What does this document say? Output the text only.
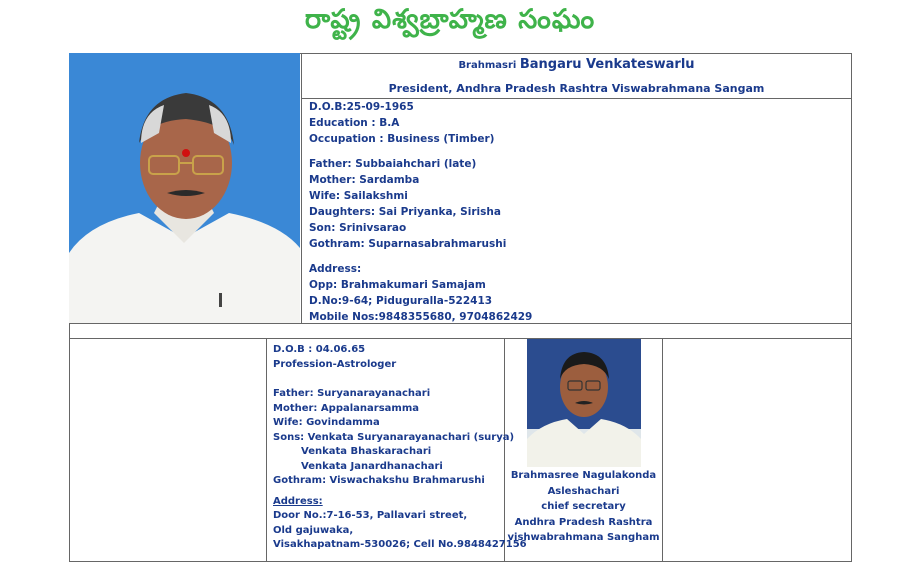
రాష్ట్ర విశ్వబ్రాహ్మణ సంఘం
Brahmasri Bangaru Venkateswarlu
President, Andhra Pradesh Rashtra Viswabrahmana Sangam
D.O.B:25-09-1965
Education : B.A
Occupation : Business (Timber)
Father: Subbaiahchari (late)
Mother: Sardamba
Wife: Sailakshmi
Daughters: Sai Priyanka, Sirisha
Son: Srinivsarao
Gothram: Suparnasabrahmarushi
Address:
Opp: Brahmakumari Samajam
D.No:9-64; Piduguralla-522413
Mobile Nos:9848355680, 9704862429
D.O.B : 04.06.65
Profession-Astrologer
Father: Suryanarayanachari
Mother: Appalanarsamma
Wife: Govindamma
Sons: Venkata Suryanarayanachari (surya)
Venkata Bhaskarachari
Venkata Janardhanachari
Gothram: Viswachakshu Brahmarushi
Address:
Door No.:7-16-53, Pallavari street,
Old gajuwaka,
Visakhapatnam-530026; Cell No.9848427156
Brahmasree Nagulakonda
Asleshachari
chief secretary
Andhra Pradesh Rashtra
vishwabrahmana Sangham
